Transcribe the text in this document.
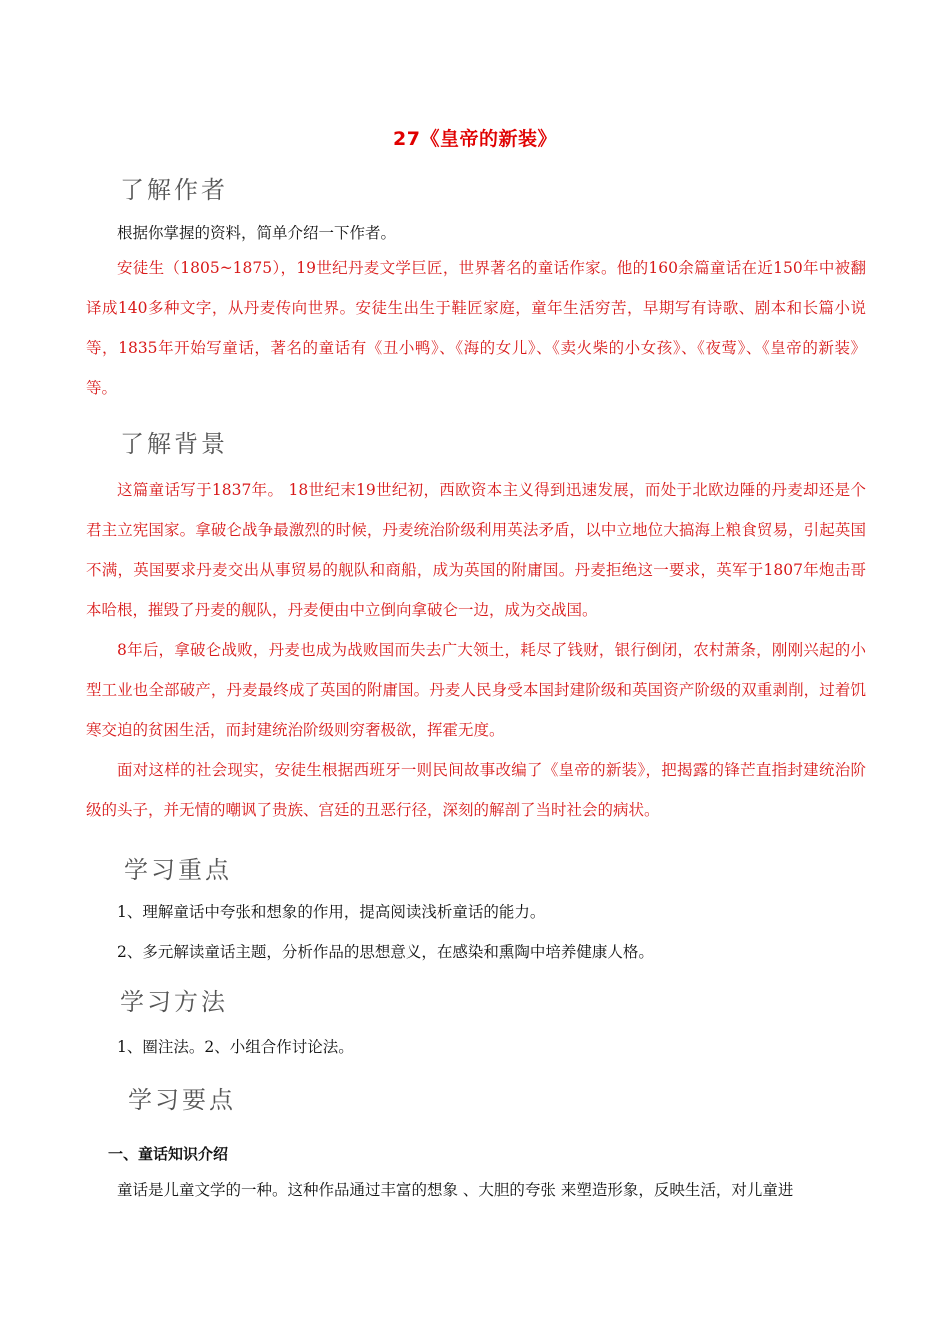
27《皇帝的新装》
了解作者

根据你掌握的资料，简单介绍一下作者。

安徒生（1805~1875），19世纪丹麦文学巨匠，世界著名的童话作家。他的160余篇童话在近150年中被翻译成140多种文字，从丹麦传向世界。安徒生出生于鞋匠家庭，童年生活穷苦，早期写有诗歌、剧本和长篇小说等，1835年开始写童话，著名的童话有《丑小鸭》、《海的女儿》、《卖火柴的小女孩》、《夜莺》、《皇帝的新装》等。

了解背景

这篇童话写于1837年。 18世纪末19世纪初，西欧资本主义得到迅速发展，而处于北欧边陲的丹麦却还是个君主立宪国家。拿破仑战争最激烈的时候，丹麦统治阶级利用英法矛盾，以中立地位大搞海上粮食贸易，引起英国不满，英国要求丹麦交出从事贸易的舰队和商船，成为英国的附庸国。丹麦拒绝这一要求，英军于1807年炮击哥本哈根，摧毁了丹麦的舰队，丹麦便由中立倒向拿破仑一边，成为交战国。

8年后，拿破仑战败，丹麦也成为战败国而失去广大领土，耗尽了钱财，银行倒闭，农村萧条，刚刚兴起的小型工业也全部破产，丹麦最终成了英国的附庸国。丹麦人民身受本国封建阶级和英国资产阶级的双重剥削，过着饥寒交迫的贫困生活，而封建统治阶级则穷奢极欲，挥霍无度。

面对这样的社会现实，安徒生根据西班牙一则民间故事改编了《皇帝的新装》，把揭露的锋芒直指封建统治阶级的头子，并无情的嘲讽了贵族、宫廷的丑恶行径，深刻的解剖了当时社会的病状。

学习重点

1、理解童话中夸张和想象的作用，提高阅读浅析童话的能力。

2、多元解读童话主题，分析作品的思想意义，在感染和熏陶中培养健康人格。

学习方法

1、圈注法。2、小组合作讨论法。

学习要点
一、童话知识介绍

童话是儿童文学的一种。这种作品通过丰富的想象 、大胆的夸张 来塑造形象，反映生活，对儿童进
